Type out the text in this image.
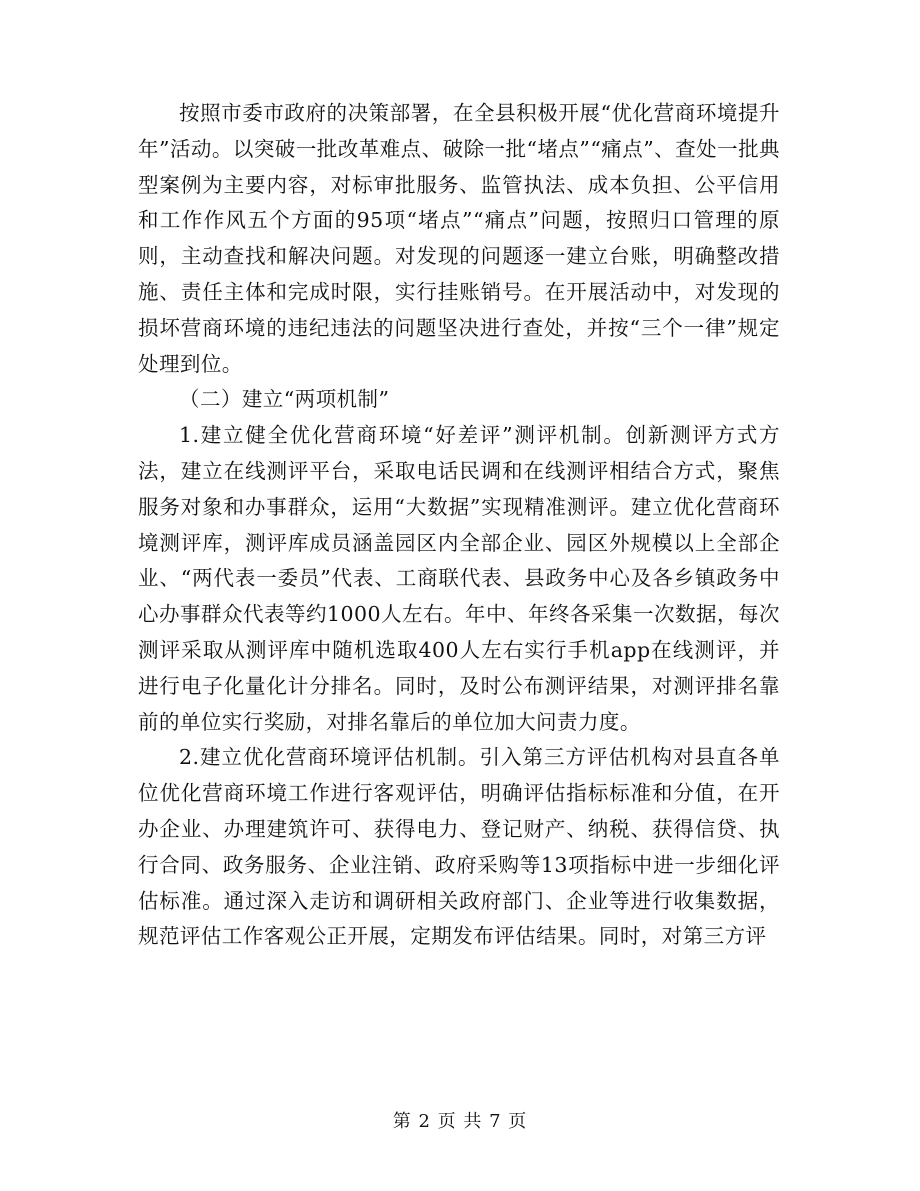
按照市委市政府的决策部署，在全县积极开展“优化营商环境提升年”活动。以突破一批改革难点、破除一批“堵点”“痛点”、查处一批典型案例为主要内容，对标审批服务、监管执法、成本负担、公平信用和工作作风五个方面的95项“堵点”“痛点”问题，按照归口管理的原则，主动查找和解决问题。对发现的问题逐一建立台账，明确整改措施、责任主体和完成时限，实行挂账销号。在开展活动中，对发现的损坏营商环境的违纪违法的问题坚决进行查处，并按“三个一律”规定处理到位。

（二）建立“两项机制”

1.建立健全优化营商环境“好差评”测评机制。创新测评方式方法，建立在线测评平台，采取电话民调和在线测评相结合方式，聚焦服务对象和办事群众，运用“大数据”实现精准测评。建立优化营商环境测评库，测评库成员涵盖园区内全部企业、园区外规模以上全部企业、“两代表一委员”代表、工商联代表、县政务中心及各乡镇政务中心办事群众代表等约1000人左右。年中、年终各采集一次数据，每次测评采取从测评库中随机选取400人左右实行手机app在线测评，并进行电子化量化计分排名。同时，及时公布测评结果，对测评排名靠前的单位实行奖励，对排名靠后的单位加大问责力度。

2.建立优化营商环境评估机制。引入第三方评估机构对县直各单位优化营商环境工作进行客观评估，明确评估指标标准和分值，在开办企业、办理建筑许可、获得电力、登记财产、纳税、获得信贷、执行合同、政务服务、企业注销、政府采购等13项指标中进一步细化评估标准。通过深入走访和调研相关政府部门、企业等进行收集数据，规范评估工作客观公正开展，定期发布评估结果。同时，对第三方评

第 2 页 共 7 页
